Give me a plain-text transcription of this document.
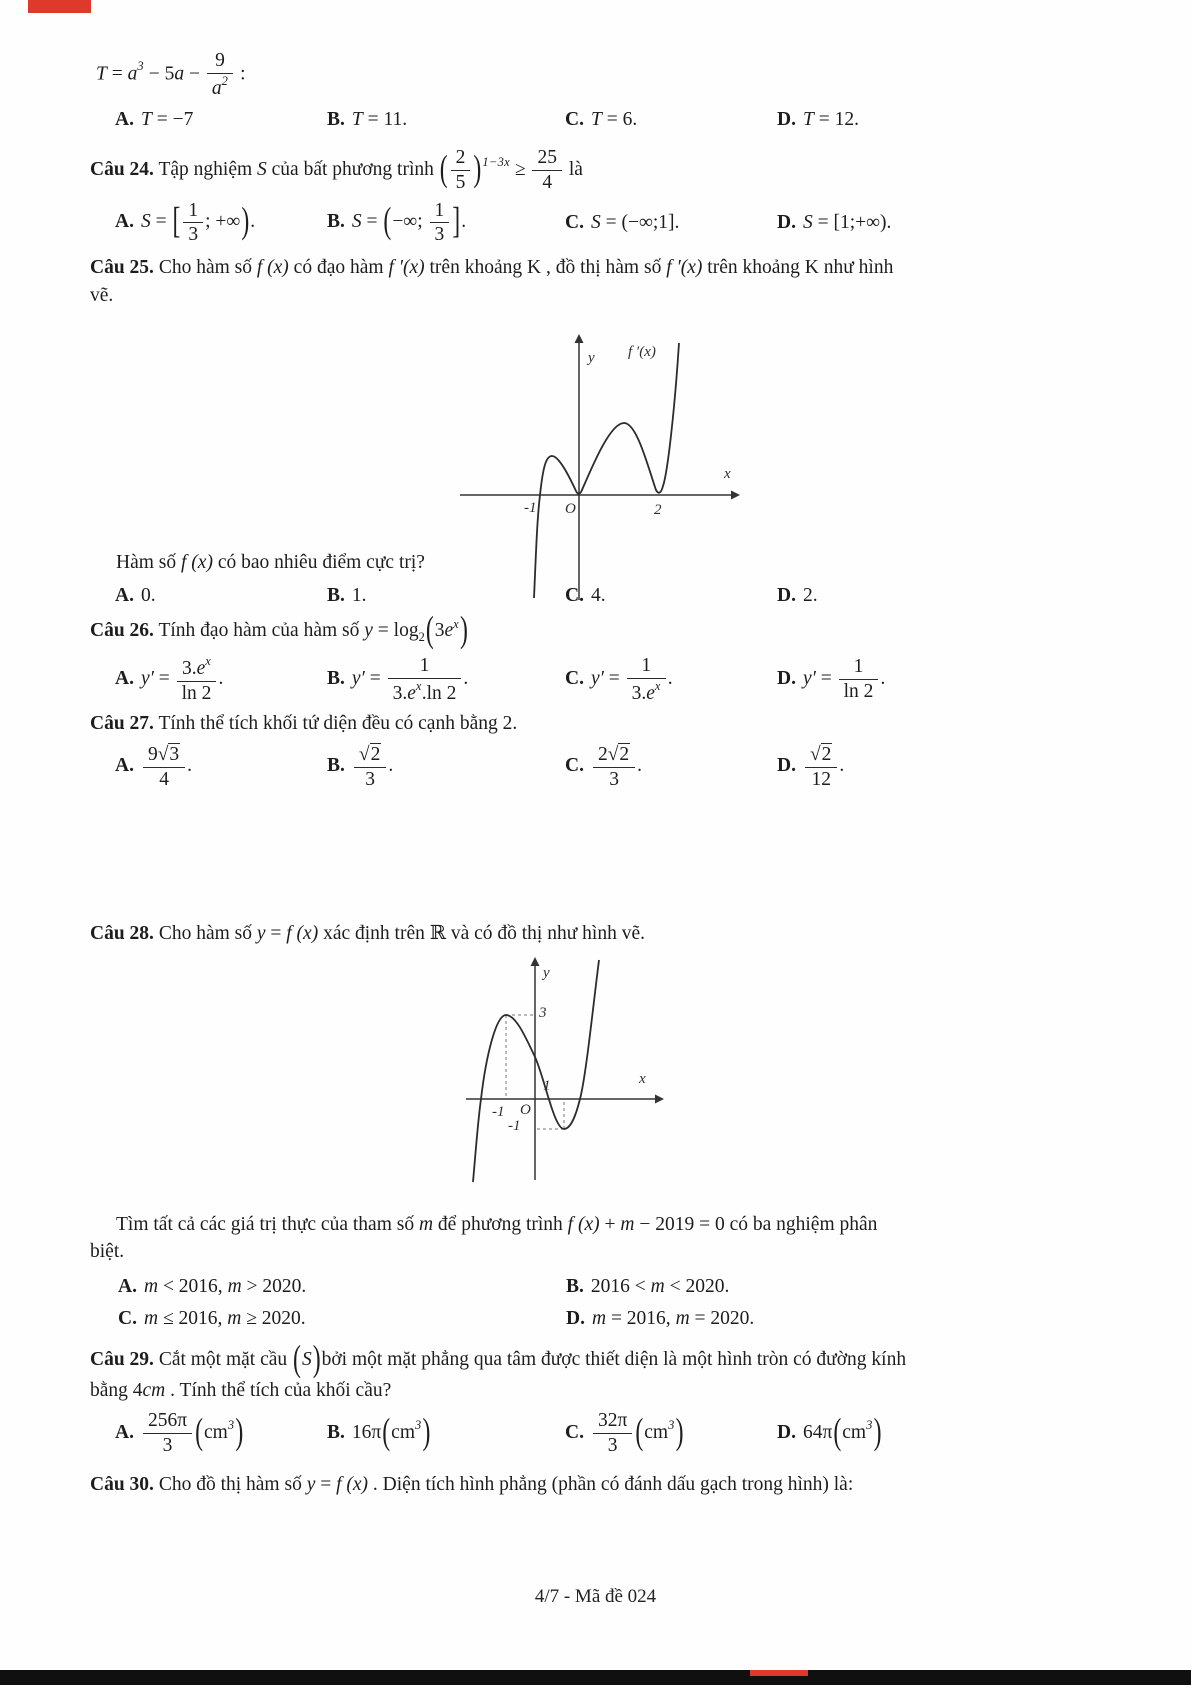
$T = a3 - 5a - \frac{9}{a2}$ :
A. T = −7	B. T = 11.	C. T = 6.	D. T = 12.
Câu 24. Tập nghiệm S của bất phương trình ( $\frac{2}{5} )1-3x \ge \frac{25}{4}$ là
A. S = [ $\frac{1}{3}$ ; +∞).	B. S = (−∞; $\frac{1}{3}$ ].	C. S = (−∞;1].	D. S = [1;+∞).
Câu 25. Cho hàm số f (x) có đạo hàm f ′(x) trên khoảng K , đồ thị hàm số f ′(x) trên khoảng K như hình
vẽ.
y f ′(x)
x
-1 O	2
Hàm số f (x) có bao nhiêu điểm cực trị?
A. 0.	B. 1.	C. 4.	D. 2.
Câu 26. Tính đạo hàm của hàm số y = log2(3ex)
A. $y' = \frac{3.ex}{\ln 2}$ .	B. $y' = \frac{1}{3.ex.\ln 2}$ .	C. $y' = \frac{1}{3.ex}$ .	D. $y' = \frac{1}{\ln 2}$ .
Câu 27. Tính thể tích khối tứ diện đều có cạnh bằng 2.
A. $\frac{9√3}{4}$ .	B. $\frac{√2}{3}$ .	C. $\frac{2√2}{3}$ .	D. $\frac{√2}{12}$ .
Câu 28. Cho hàm số y = f (x) xác định trên ℝ và có đồ thị như hình vẽ.
y
x
O
-1
3
1
-1
Tìm tất cả các giá trị thực của tham số m để phương trình f (x) + m − 2019 = 0 có ba nghiệm phân
biệt.
A. m < 2016, m > 2020.	B. 2016 < m < 2020.
C. m ≤ 2016, m ≥ 2020.	D. m = 2016, m = 2020.
Câu 29. Cắt một mặt cầu (S)bởi một mặt phẳng qua tâm được thiết diện là một hình tròn có đường kính
bằng 4cm . Tính thể tích của khối cầu?
A. $\frac{256\pi}{3} (cm3)$	B. 16π(cm3)	C. $\frac{32\pi}{3} (cm3)$	D. 64π(cm3)
Câu 30. Cho đồ thị hàm số y = f (x) . Diện tích hình phẳng (phần có đánh dấu gạch trong hình) là:
4/7 - Mã đề 024
